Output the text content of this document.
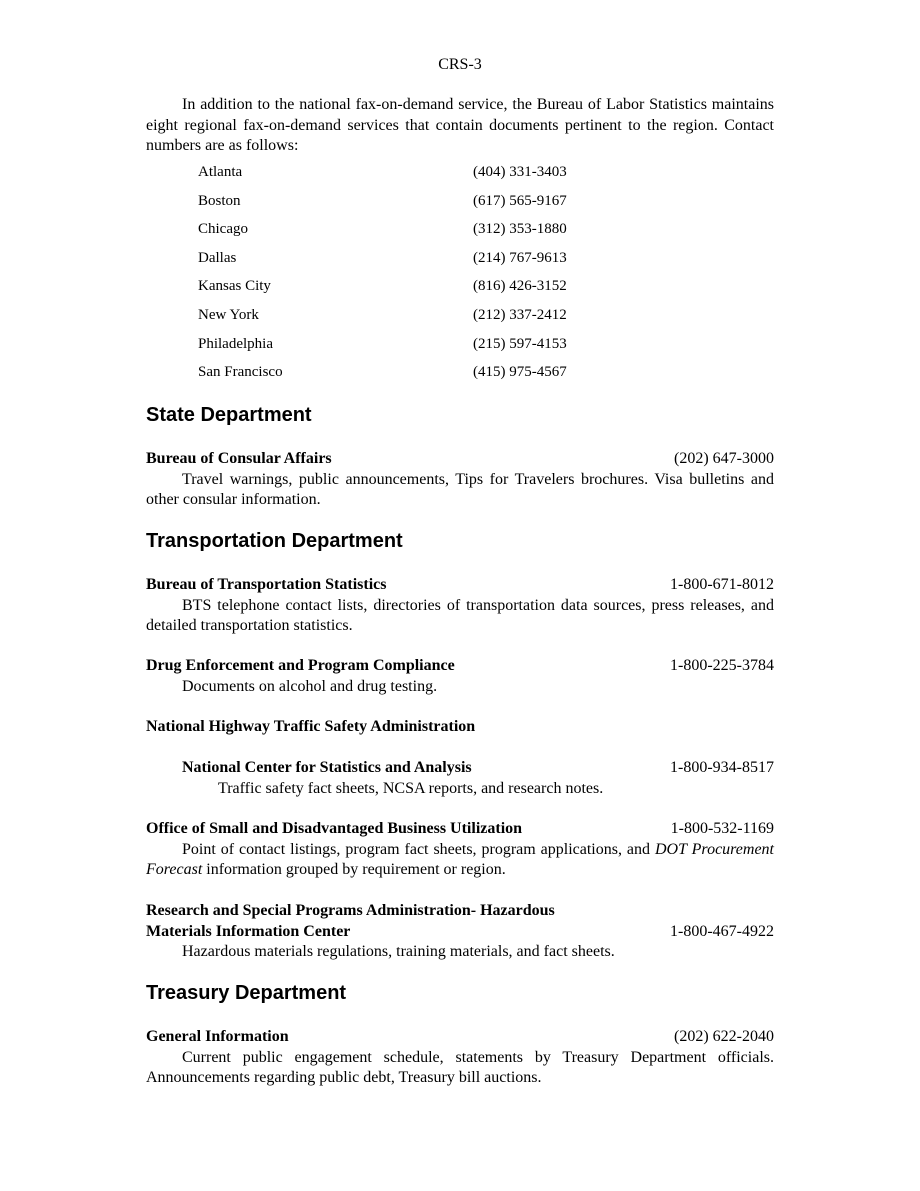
CRS-3
In addition to the national fax-on-demand service, the Bureau of Labor Statistics maintains eight regional fax-on-demand services that contain documents pertinent to the region. Contact numbers are as follows:
Atlanta	(404) 331-3403
Boston	(617) 565-9167
Chicago	(312) 353-1880
Dallas	(214) 767-9613
Kansas City	(816) 426-3152
New York	(212) 337-2412
Philadelphia	(215) 597-4153
San Francisco	(415) 975-4567
State Department
Bureau of Consular Affairs	(202) 647-3000
Travel warnings, public announcements, Tips for Travelers brochures. Visa bulletins and other consular information.
Transportation Department
Bureau of Transportation Statistics	1-800-671-8012
BTS telephone contact lists, directories of transportation data sources, press releases, and detailed transportation statistics.
Drug Enforcement and Program Compliance	1-800-225-3784
Documents on alcohol and drug testing.
National Highway Traffic Safety Administration
National Center for Statistics and Analysis	1-800-934-8517
Traffic safety fact sheets, NCSA reports, and research notes.
Office of Small and Disadvantaged Business Utilization	1-800-532-1169
Point of contact listings, program fact sheets, program applications, and DOT Procurement Forecast information grouped by requirement or region.
Research and Special Programs Administration- Hazardous
Materials Information Center	1-800-467-4922
Hazardous materials regulations, training materials, and fact sheets.
Treasury Department
General Information	(202) 622-2040
Current public engagement schedule, statements by Treasury Department officials. Announcements regarding public debt, Treasury bill auctions.
